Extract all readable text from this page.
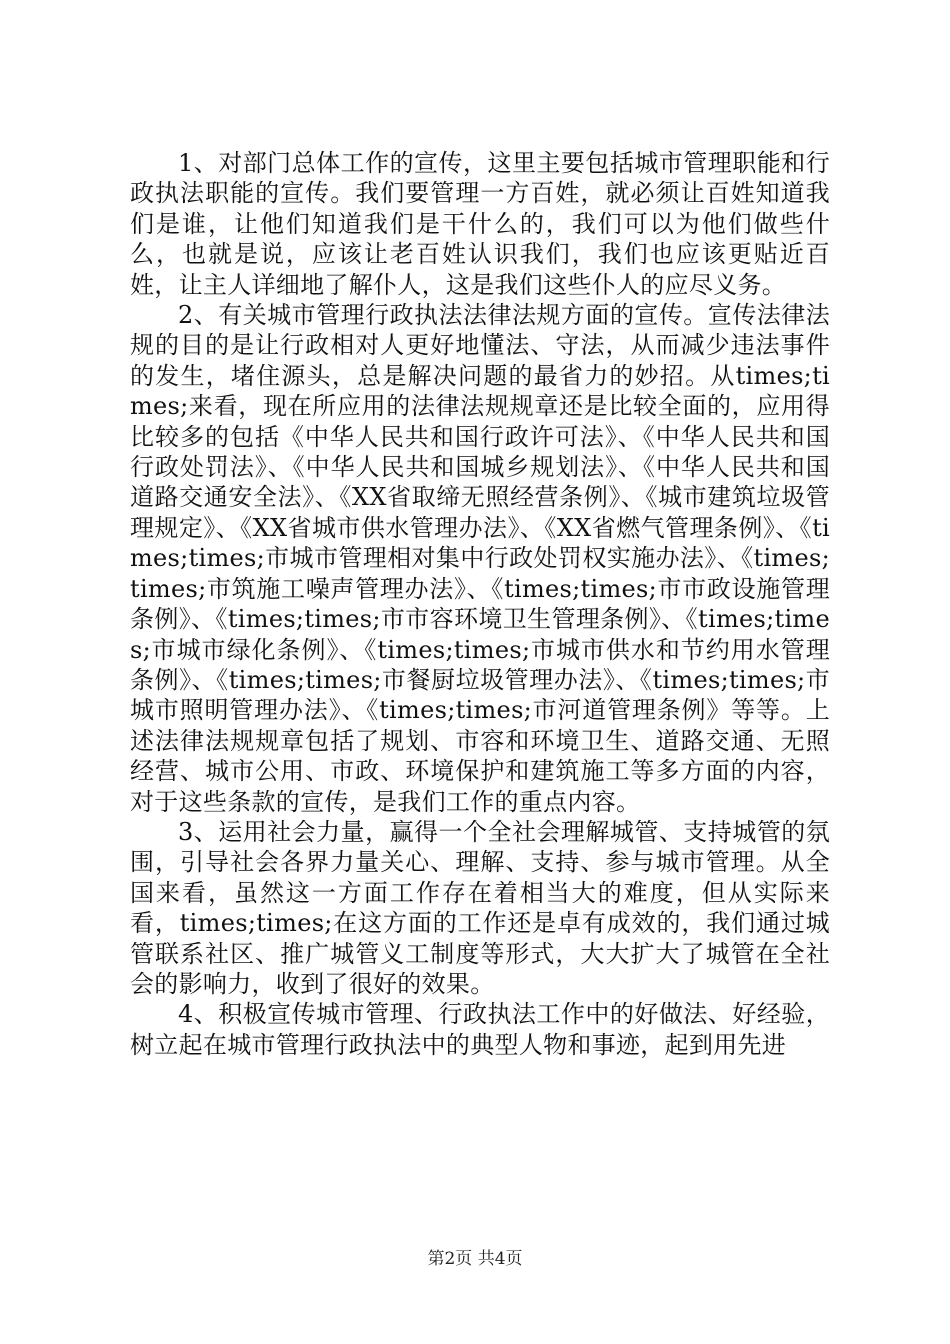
1、对部门总体工作的宣传，这里主要包括城市管理职能和行政执法职能的宣传。我们要管理一方百姓，就必须让百姓知道我们是谁，让他们知道我们是干什么的，我们可以为他们做些什么，也就是说，应该让老百姓认识我们，我们也应该更贴近百姓，让主人详细地了解仆人，这是我们这些仆人的应尽义务。

2、有关城市管理行政执法法律法规方面的宣传。宣传法律法规的目的是让行政相对人更好地懂法、守法，从而减少违法事件的发生，堵住源头，总是解决问题的最省力的妙招。从times;times;来看，现在所应用的法律法规规章还是比较全面的，应用得比较多的包括《中华人民共和国行政许可法》、《中华人民共和国行政处罚法》、《中华人民共和国城乡规划法》、《中华人民共和国道路交通安全法》、《XX省取缔无照经营条例》、《城市建筑垃圾管理规定》、《XX省城市供水管理办法》、《XX省燃气管理条例》、《times;times;市城市管理相对集中行政处罚权实施办法》、《times;times;市筑施工噪声管理办法》、《times;times;市市政设施管理条例》、《times;times;市市容环境卫生管理条例》、《times;times;市城市绿化条例》、《times;times;市城市供水和节约用水管理条例》、《times;times;市餐厨垃圾管理办法》、《times;times;市城市照明管理办法》、《times;times;市河道管理条例》等等。上述法律法规规章包括了规划、市容和环境卫生、道路交通、无照经营、城市公用、市政、环境保护和建筑施工等多方面的内容，对于这些条款的宣传，是我们工作的重点内容。

3、运用社会力量，赢得一个全社会理解城管、支持城管的氛围，引导社会各界力量关心、理解、支持、参与城市管理。从全国来看，虽然这一方面工作存在着相当大的难度，但从实际来看，times;times;在这方面的工作还是卓有成效的，我们通过城管联系社区、推广城管义工制度等形式，大大扩大了城管在全社会的影响力，收到了很好的效果。

4、积极宣传城市管理、行政执法工作中的好做法、好经验，树立起在城市管理行政执法中的典型人物和事迹，起到用先进

第2页 共4页
